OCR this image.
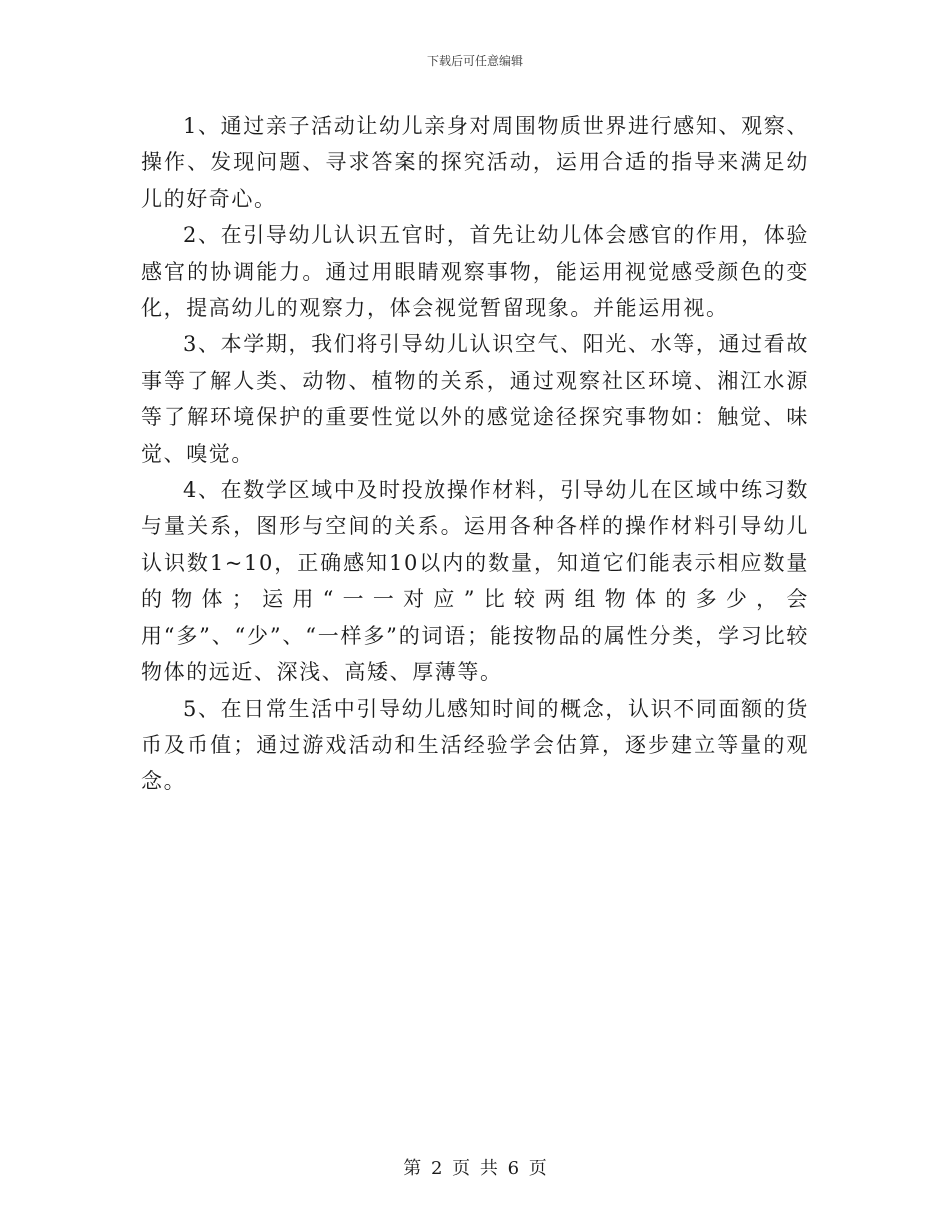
下载后可任意编辑

1、通过亲子活动让幼儿亲身对周围物质世界进行感知、观察、操作、发现问题、寻求答案的探究活动，运用合适的指导来满足幼儿的好奇心。

2、在引导幼儿认识五官时，首先让幼儿体会感官的作用，体验感官的协调能力。通过用眼睛观察事物，能运用视觉感受颜色的变化，提高幼儿的观察力，体会视觉暂留现象。并能运用视。

3、本学期，我们将引导幼儿认识空气、阳光、水等，通过看故事等了解人类、动物、植物的关系，通过观察社区环境、湘江水源等了解环境保护的重要性觉以外的感觉途径探究事物如：触觉、味觉、嗅觉。

4、在数学区域中及时投放操作材料，引导幼儿在区域中练习数与量关系，图形与空间的关系。运用各种各样的操作材料引导幼儿认识数1~10，正确感知10以内的数量，知道它们能表示相应数量的物体；运用“一一对应”比较两组物体的多少，会用“多”、“少”、“一样多”的词语；能按物品的属性分类，学习比较物体的远近、深浅、高矮、厚薄等。

5、在日常生活中引导幼儿感知时间的概念，认识不同面额的货币及币值；通过游戏活动和生活经验学会估算，逐步建立等量的观念。

第 2 页 共 6 页
